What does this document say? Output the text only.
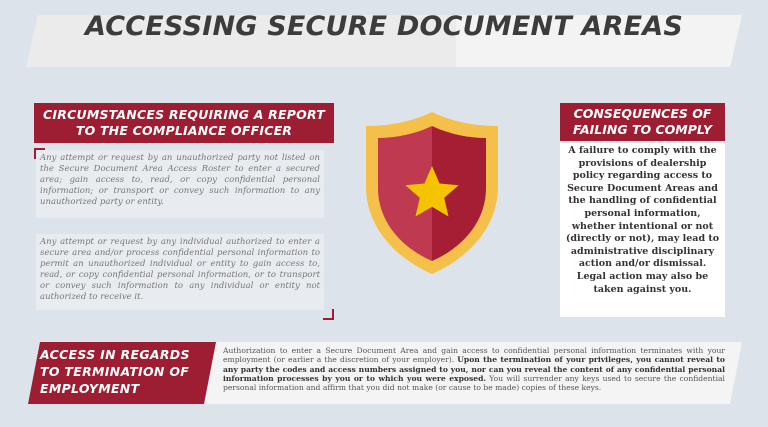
ACCESSING SECURE DOCUMENT AREAS
CIRCUMSTANCES REQUIRING A REPORT
TO THE COMPLIANCE OFFICER
Any attempt or request by an unauthorized party not listed on the Secure Document Area Access Roster to enter a secured area; gain access to, read, or copy confidential personal information; or transport or convey such information to any unauthorized party or entity.
Any attempt or request by any individual authorized to enter a secure area and/or process confidential personal information to permit an unauthorized individual or entity to gain access to, read, or copy confidential personal information, or to transport or convey such information to any individual or entity not authorized to receive it.
CONSEQUENCES OF
FAILING TO COMPLY
A failure to comply with the provisions of dealership policy regarding access to Secure Document Areas and the handling of confidential personal information, whether intentional or not (directly or not), may lead to administrative disciplinary action and/or dismissal. Legal action may also be taken against you.
ACCESS IN REGARDS
TO TERMINATION OF
EMPLOYMENT
Authorization to enter a Secure Document Area and gain access to confidential personal information terminates with your employment (or earlier a the discretion of your employer). Upon the termination of your privileges, you cannot reveal to any party the codes and access numbers assigned to you, nor can you reveal the content of any confidential personal information processes by you or to which you were exposed. You will surrender any keys used to secure the confidential personal information and affirm that you did not make (or cause to be made) copies of these keys.
